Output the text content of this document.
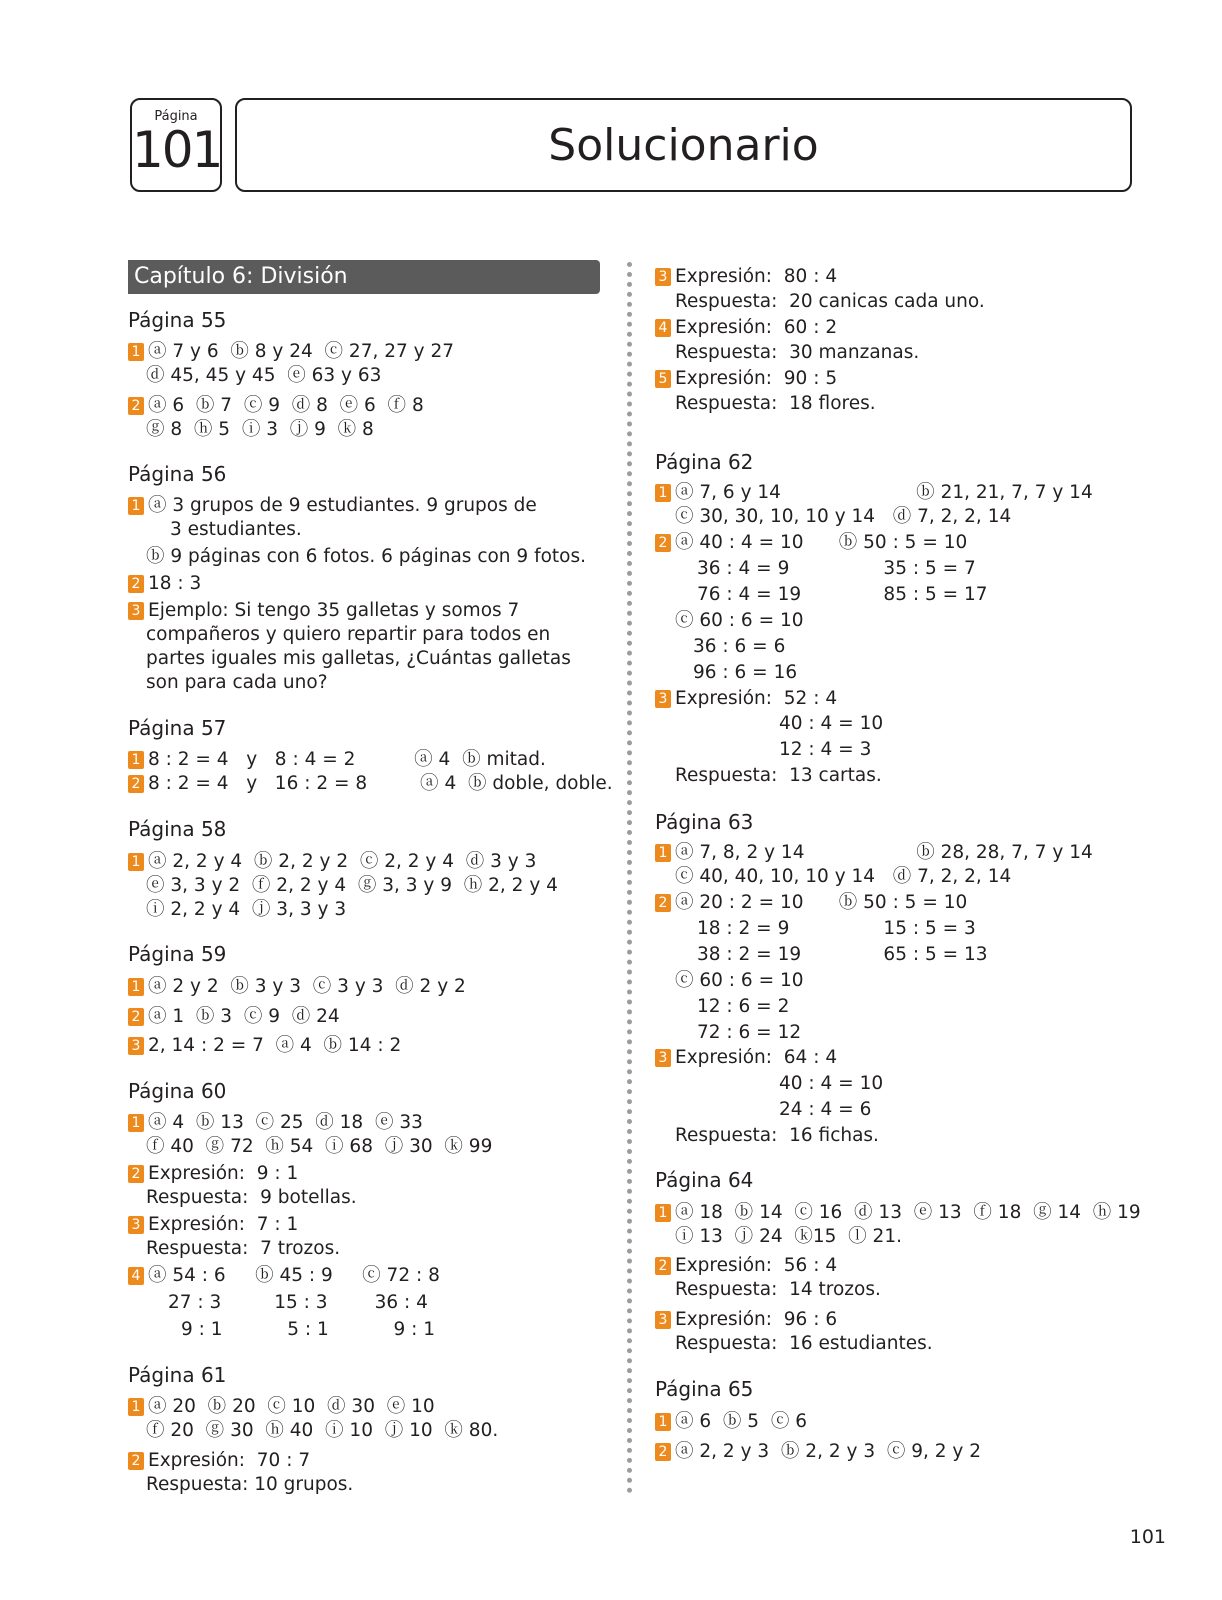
Página
101	Solucionario
Capítulo 6: División
Página 55
1 ⓐ 7 y 6  ⓑ 8 y 24  ⓒ 27, 27 y 27
ⓓ 45, 45 y 45  ⓔ 63 y 63
2 ⓐ 6  ⓑ 7  ⓒ 9  ⓓ 8  ⓔ 6  ⓕ 8
ⓖ 8  ⓗ 5  ⓘ 3  ⓙ 9  ⓚ 8
Página 56
1 ⓐ 3 grupos de 9 estudiantes. 9 grupos de
3 estudiantes.
ⓑ 9 páginas con 6 fotos. 6 páginas con 9 fotos.
2 18 : 3
3 Ejemplo: Si tengo 35 galletas y somos 7
compañeros y quiero repartir para todos en
partes iguales mis galletas, ¿Cuántas galletas
son para cada uno?
Página 57
1 8 : 2 = 4   y   8 : 4 = 2          ⓐ 4  ⓑ mitad.
2 8 : 2 = 4   y   16 : 2 = 8         ⓐ 4  ⓑ doble, doble.
Página 58
1 ⓐ 2, 2 y 4  ⓑ 2, 2 y 2  ⓒ 2, 2 y 4  ⓓ 3 y 3
ⓔ 3, 3 y 2  ⓕ 2, 2 y 4  ⓖ 3, 3 y 9  ⓗ 2, 2 y 4
ⓘ 2, 2 y 4  ⓙ 3, 3 y 3
Página 59
1 ⓐ 2 y 2  ⓑ 3 y 3  ⓒ 3 y 3  ⓓ 2 y 2
2 ⓐ 1  ⓑ 3  ⓒ 9  ⓓ 24
3 2, 14 : 2 = 7  ⓐ 4  ⓑ 14 : 2
Página 60
1 ⓐ 4  ⓑ 13  ⓒ 25  ⓓ 18  ⓔ 33
ⓕ 40  ⓖ 72  ⓗ 54  ⓘ 68  ⓙ 30  ⓚ 99
2 Expresión:  9 : 1
Respuesta:  9 botellas.
3 Expresión:  7 : 1
Respuesta:  7 trozos.
4 ⓐ 54 : 6     ⓑ 45 : 9     ⓒ 72 : 8
27 : 3         15 : 3        36 : 4
9 : 1           5 : 1           9 : 1
Página 61
1 ⓐ 20  ⓑ 20  ⓒ 10  ⓓ 30  ⓔ 10
ⓕ 20  ⓖ 30  ⓗ 40  ⓘ 10  ⓙ 10  ⓚ 80.
2 Expresión:  70 : 7
Respuesta: 10 grupos.
3 Expresión:  80 : 4
Respuesta:  20 canicas cada uno.
4 Expresión:  60 : 2
Respuesta:  30 manzanas.
5 Expresión:  90 : 5
Respuesta:  18 flores.
Página 62
1 ⓐ 7, 6 y 14                       ⓑ 21, 21, 7, 7 y 14
ⓒ 30, 30, 10, 10 y 14   ⓓ 7, 2, 2, 14
2 ⓐ 40 : 4 = 10      ⓑ 50 : 5 = 10
36 : 4 = 9                35 : 5 = 7
76 : 4 = 19              85 : 5 = 17
ⓒ 60 : 6 = 10
36 : 6 = 6
96 : 6 = 16
3 Expresión:  52 : 4
40 : 4 = 10
12 : 4 = 3
Respuesta:  13 cartas.
Página 63
1 ⓐ 7, 8, 2 y 14                   ⓑ 28, 28, 7, 7 y 14
ⓒ 40, 40, 10, 10 y 14   ⓓ 7, 2, 2, 14
2 ⓐ 20 : 2 = 10      ⓑ 50 : 5 = 10
18 : 2 = 9                15 : 5 = 3
38 : 2 = 19              65 : 5 = 13
ⓒ 60 : 6 = 10
12 : 6 = 2
72 : 6 = 12
3 Expresión:  64 : 4
40 : 4 = 10
24 : 4 = 6
Respuesta:  16 fichas.
Página 64
1 ⓐ 18  ⓑ 14  ⓒ 16  ⓓ 13  ⓔ 13  ⓕ 18  ⓖ 14  ⓗ 19
ⓘ 13  ⓙ 24  ⓚ15  ⓛ 21.
2 Expresión:  56 : 4
Respuesta:  14 trozos.
3 Expresión:  96 : 6
Respuesta:  16 estudiantes.
Página 65
1 ⓐ 6  ⓑ 5  ⓒ 6
2 ⓐ 2, 2 y 3  ⓑ 2, 2 y 3  ⓒ 9, 2 y 2
101
